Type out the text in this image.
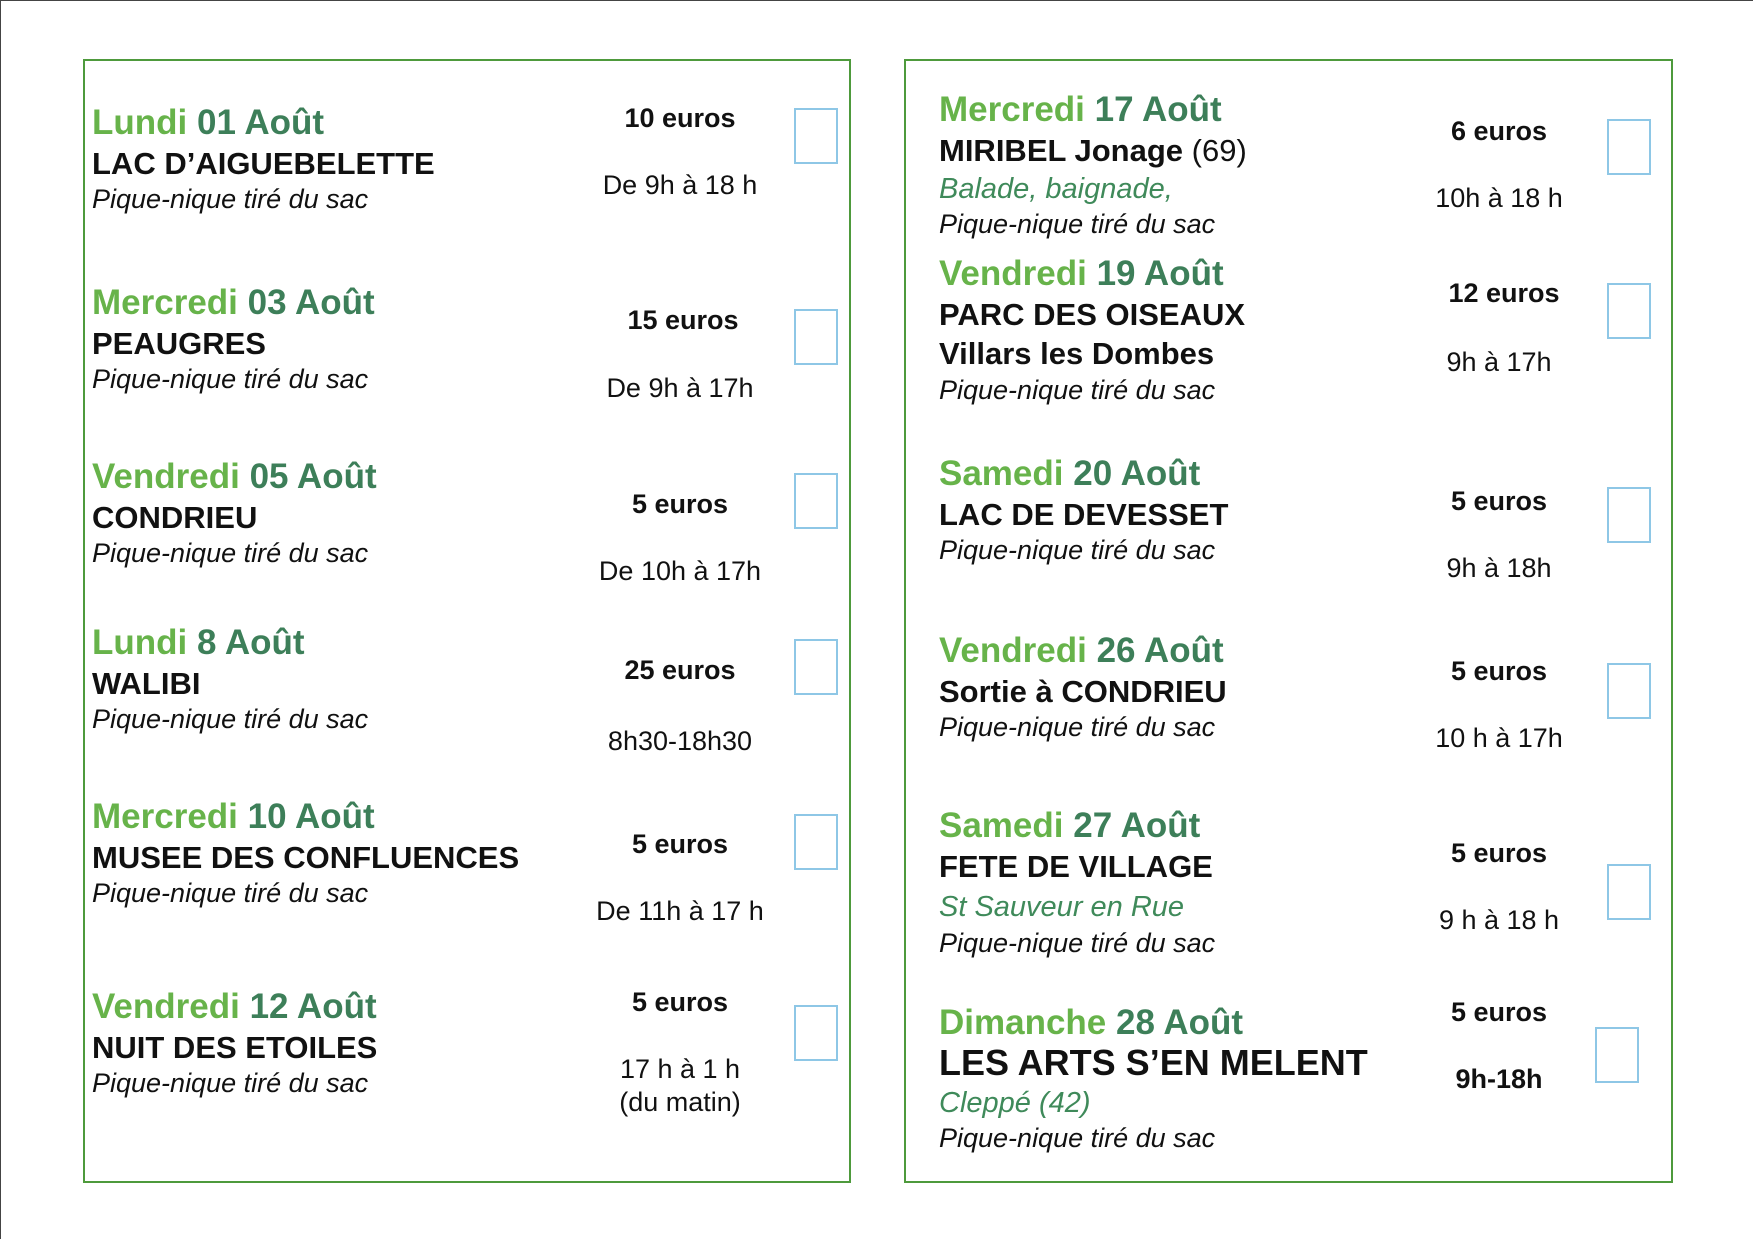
Lundi 01 Août
LAC D’AIGUEBELETTE
Pique-nique tiré du sac
10 euros
De 9h à 18 h
Mercredi 03 Août
PEAUGRES
Pique-nique tiré du sac
15 euros
De 9h à 17h
Vendredi 05 Août
CONDRIEU
Pique-nique tiré du sac
5 euros
De 10h à 17h
Lundi 8 Août
WALIBI
Pique-nique tiré du sac
25 euros
8h30-18h30
Mercredi 10 Août
MUSEE DES CONFLUENCES
Pique-nique tiré du sac
5 euros
De 11h à 17 h
Vendredi 12 Août
NUIT DES ETOILES
Pique-nique tiré du sac
5 euros
17 h à 1 h
(du matin)
Mercredi 17 Août
MIRIBEL Jonage (69)
Balade, baignade,
Pique-nique tiré du sac
6 euros
10h à 18 h
Vendredi 19 Août
PARC DES OISEAUX
Villars les Dombes
Pique-nique tiré du sac
12 euros
9h à 17h
Samedi 20 Août
LAC DE DEVESSET
Pique-nique tiré du sac
5 euros
9h à 18h
Vendredi 26 Août
Sortie à CONDRIEU
Pique-nique tiré du sac
5 euros
10 h à 17h
Samedi 27 Août
FETE DE VILLAGE
St Sauveur en Rue
Pique-nique tiré du sac
5 euros
9 h à 18 h
Dimanche 28 Août
LES ARTS S’EN MELENT
Cleppé (42)
Pique-nique tiré du sac
5 euros
9h-18h
